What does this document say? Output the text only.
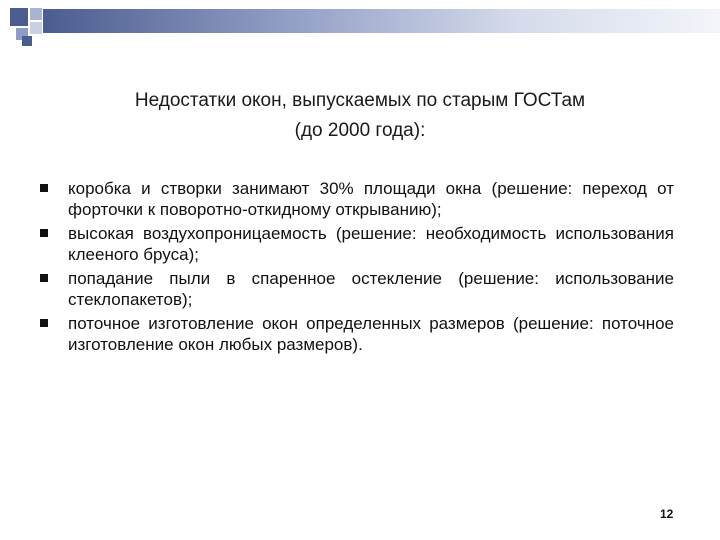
Недостатки окон, выпускаемых по старым ГОСТам
(до 2000 года):
коробка и створки занимают 30% площади окна (решение: переход от форточки к поворотно-откидному открыванию);
высокая воздухопроницаемость (решение: необходимость использования клееного бруса);
попадание пыли в спаренное остекление (решение: использование стеклопакетов);
поточное изготовление окон определенных размеров (решение: поточное изготовление окон любых размеров).
12
